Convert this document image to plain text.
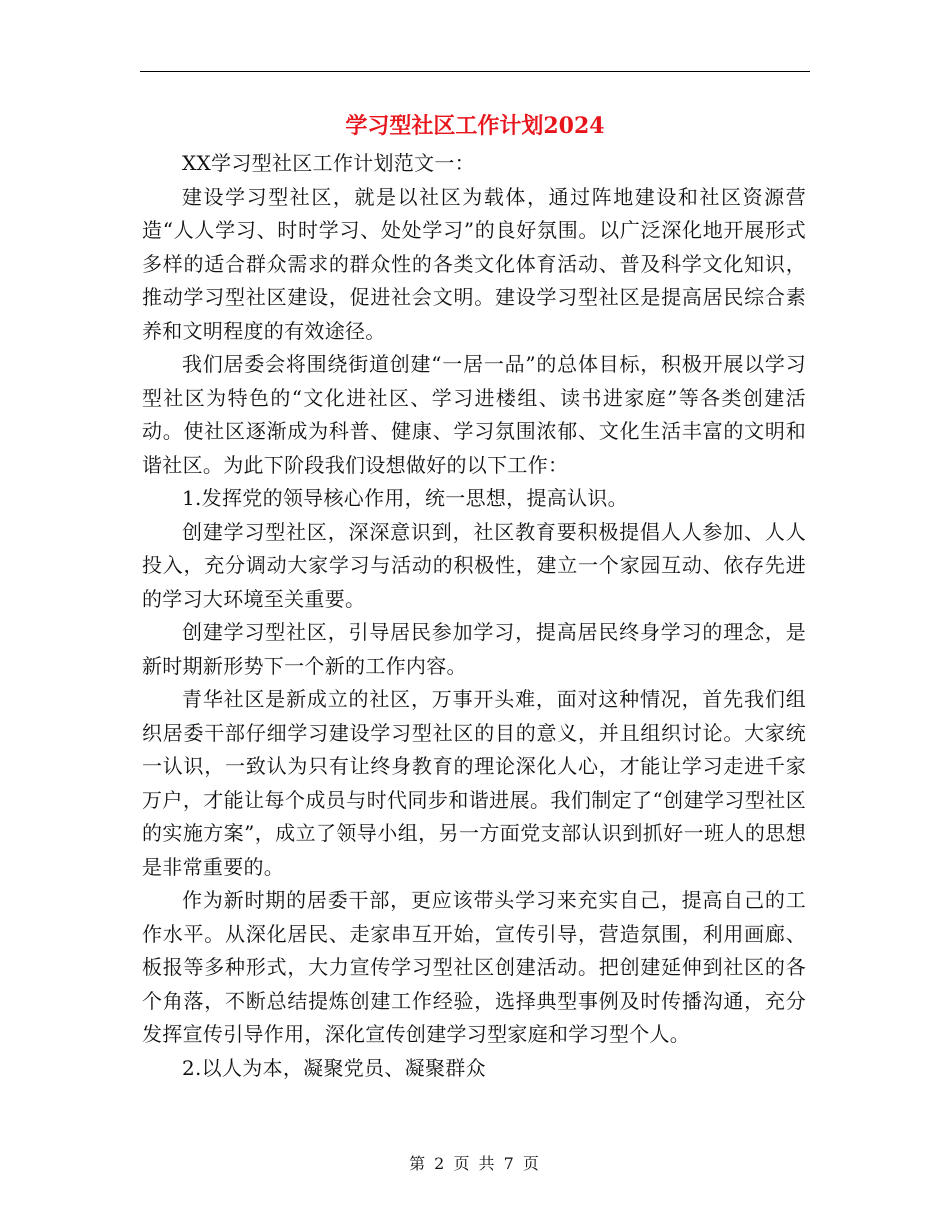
学习型社区工作计划2024

XX学习型社区工作计划范文一：

建设学习型社区，就是以社区为载体，通过阵地建设和社区资源营造“人人学习、时时学习、处处学习”的良好氛围。以广泛深化地开展形式多样的适合群众需求的群众性的各类文化体育活动、普及科学文化知识，推动学习型社区建设，促进社会文明。建设学习型社区是提高居民综合素养和文明程度的有效途径。

我们居委会将围绕街道创建“一居一品”的总体目标，积极开展以学习型社区为特色的“文化进社区、学习进楼组、读书进家庭”等各类创建活动。使社区逐渐成为科普、健康、学习氛围浓郁、文化生活丰富的文明和谐社区。为此下阶段我们设想做好的以下工作：

1.发挥党的领导核心作用，统一思想，提高认识。

创建学习型社区，深深意识到，社区教育要积极提倡人人参加、人人投入，充分调动大家学习与活动的积极性，建立一个家园互动、依存先进的学习大环境至关重要。

创建学习型社区，引导居民参加学习，提高居民终身学习的理念，是新时期新形势下一个新的工作内容。

青华社区是新成立的社区，万事开头难，面对这种情况，首先我们组织居委干部仔细学习建设学习型社区的目的意义，并且组织讨论。大家统一认识，一致认为只有让终身教育的理论深化人心，才能让学习走进千家万户，才能让每个成员与时代同步和谐进展。我们制定了“创建学习型社区的实施方案”，成立了领导小组，另一方面党支部认识到抓好一班人的思想是非常重要的。

作为新时期的居委干部，更应该带头学习来充实自己，提高自己的工作水平。从深化居民、走家串互开始，宣传引导，营造氛围，利用画廊、板报等多种形式，大力宣传学习型社区创建活动。把创建延伸到社区的各个角落，不断总结提炼创建工作经验，选择典型事例及时传播沟通，充分发挥宣传引导作用，深化宣传创建学习型家庭和学习型个人。

2.以人为本，凝聚党员、凝聚群众

第 2 页 共 7 页
